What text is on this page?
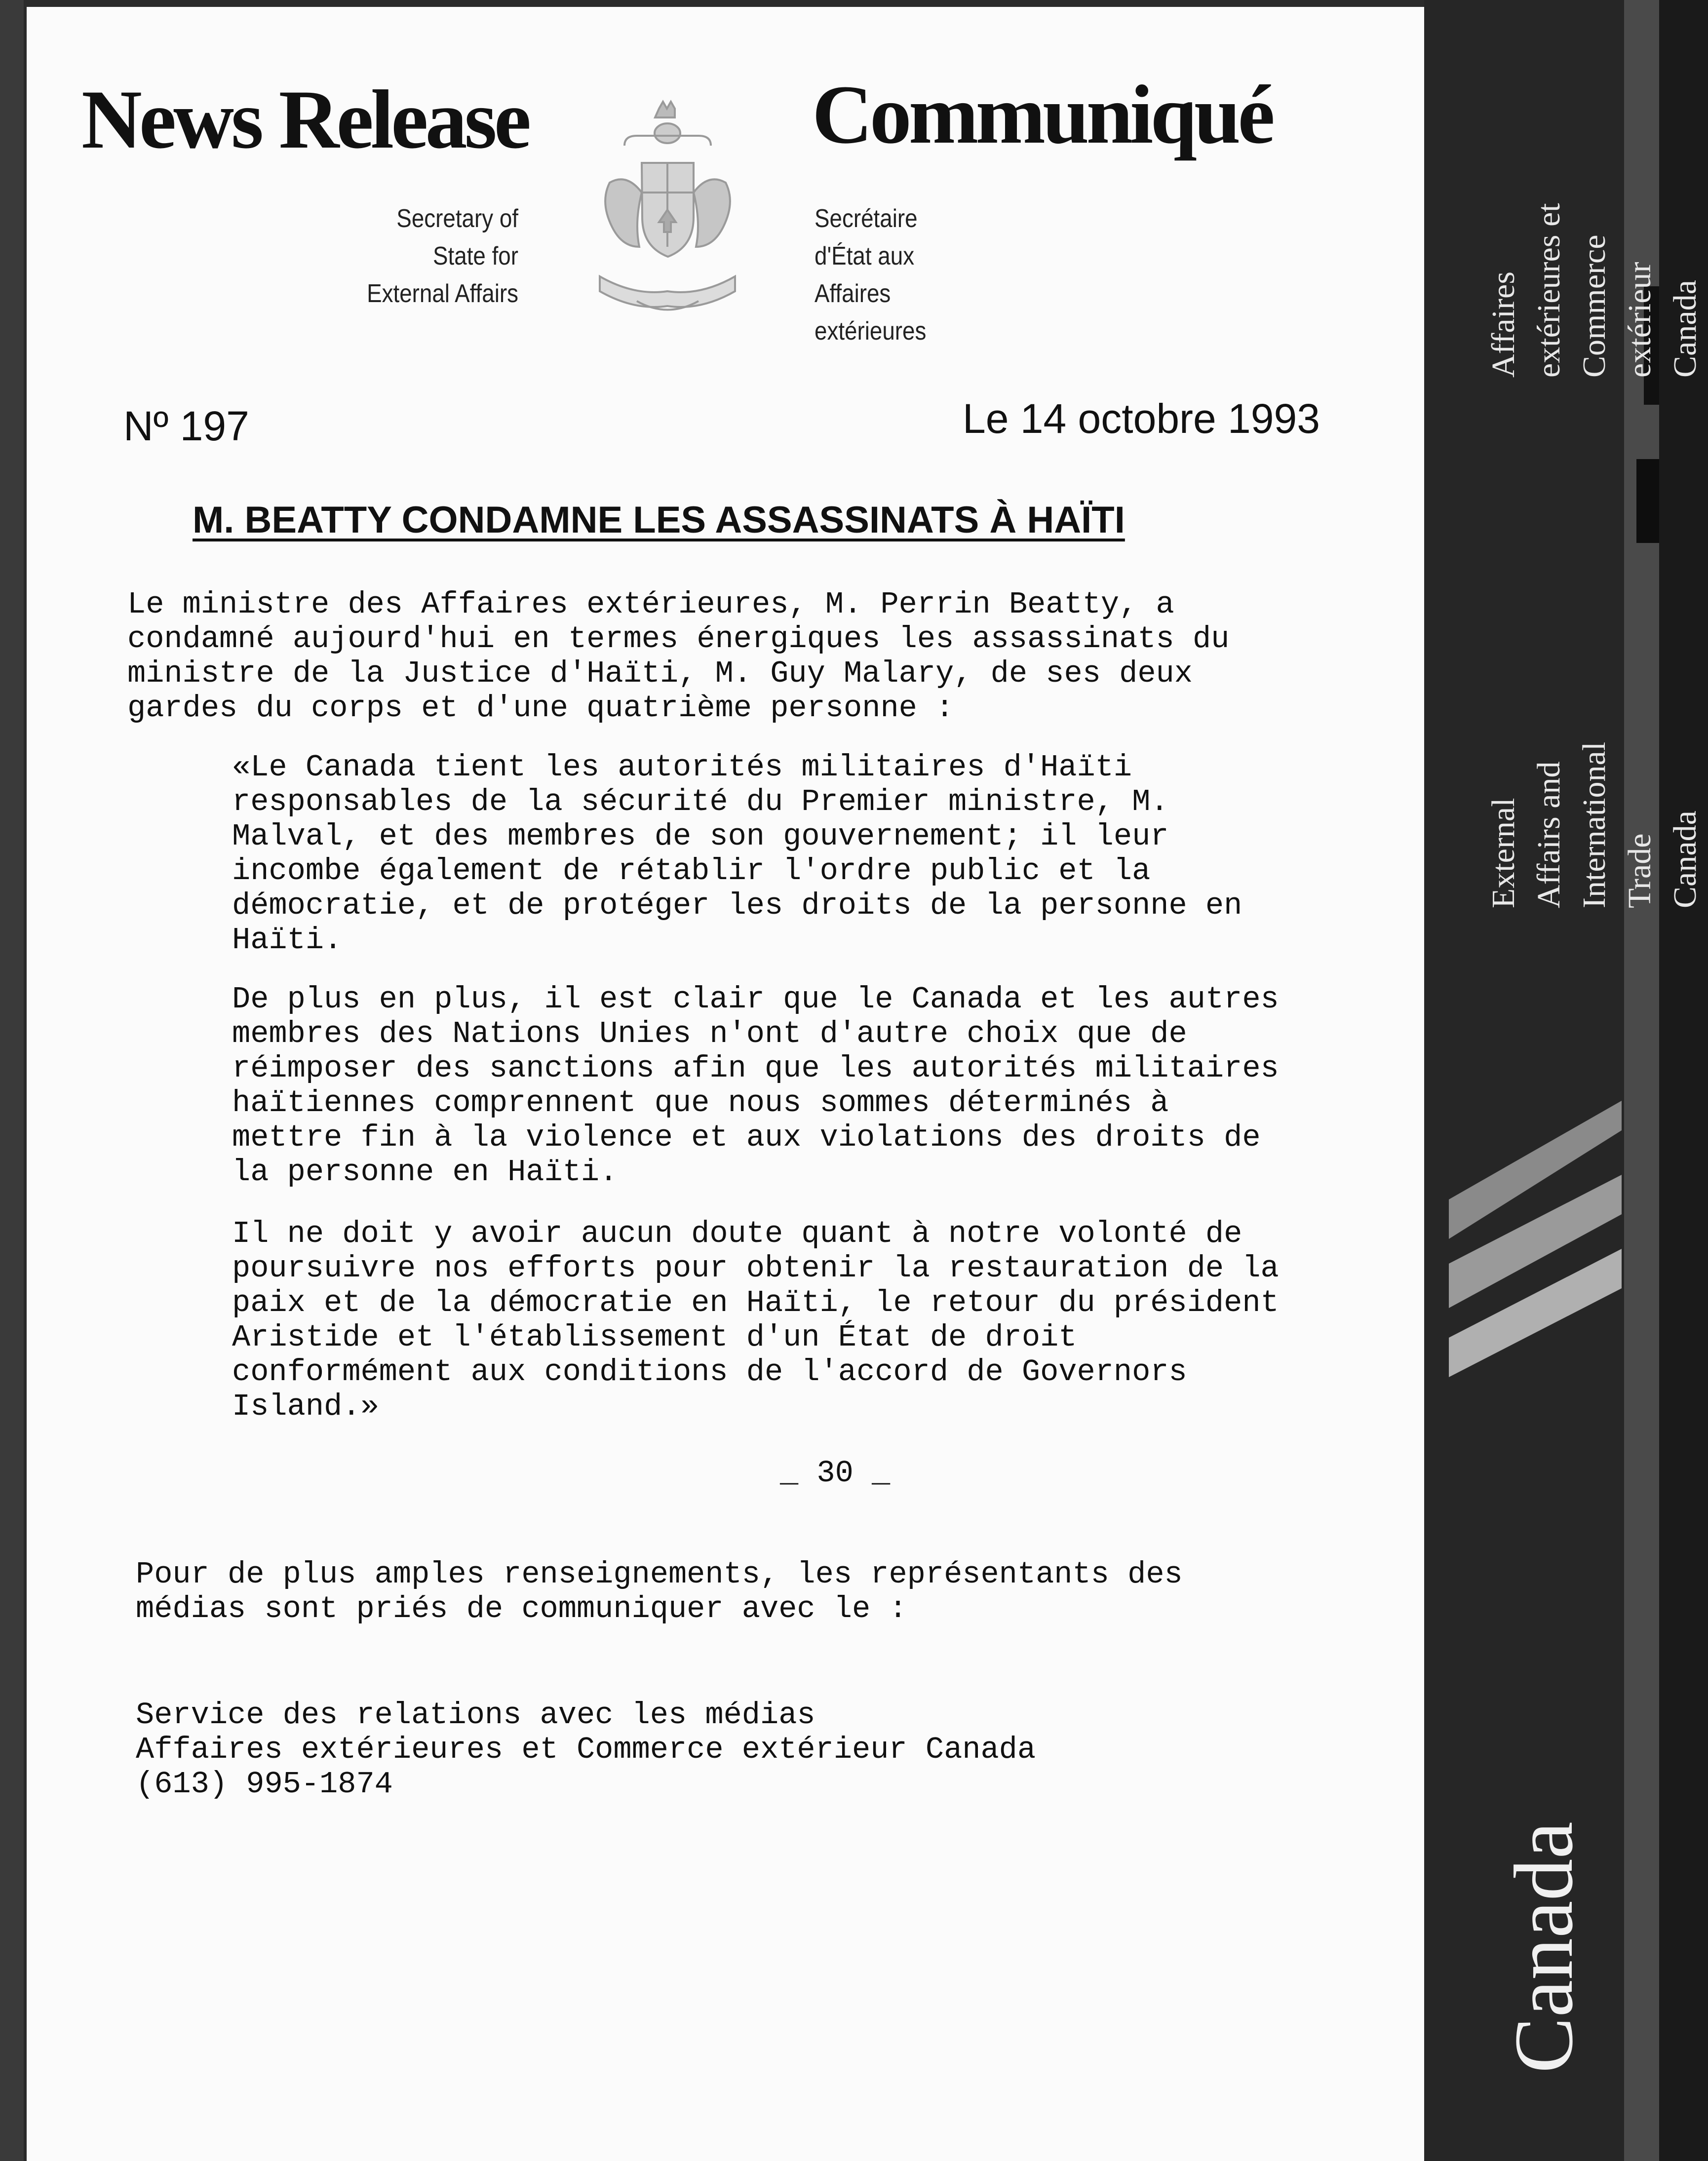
News Release	Communiqué
Secretary of
State for
External Affairs
Secrétaire
d'État aux
Affaires
extérieures
Nº 197	Le 14 octobre 1993
M. BEATTY CONDAMNE LES ASSASSINATS À HAÏTI
Le ministre des Affaires extérieures, M. Perrin Beatty, a
condamné aujourd'hui en termes énergiques les assassinats du
ministre de la Justice d'Haïti, M. Guy Malary, de ses deux
gardes du corps et d'une quatrième personne :
«Le Canada tient les autorités militaires d'Haïti
responsables de la sécurité du Premier ministre, M.
Malval, et des membres de son gouvernement; il leur
incombe également de rétablir l'ordre public et la
démocratie, et de protéger les droits de la personne en
Haïti.
De plus en plus, il est clair que le Canada et les autres
membres des Nations Unies n'ont d'autre choix que de
réimposer des sanctions afin que les autorités militaires
haïtiennes comprennent que nous sommes déterminés à
mettre fin à la violence et aux violations des droits de
la personne en Haïti.
Il ne doit y avoir aucun doute quant à notre volonté de
poursuivre nos efforts pour obtenir la restauration de la
paix et de la démocratie en Haïti, le retour du président
Aristide et l'établissement d'un État de droit
conformément aux conditions de l'accord de Governors
Island.»
_ 30 _
Pour de plus amples renseignements, les représentants des
médias sont priés de communiquer avec le :
Service des relations avec les médias
Affaires extérieures et Commerce extérieur Canada
(613) 995-1874
Affaires extérieures et
Commerce extérieur Canada
External Affairs and
International Trade Canada
Canada
